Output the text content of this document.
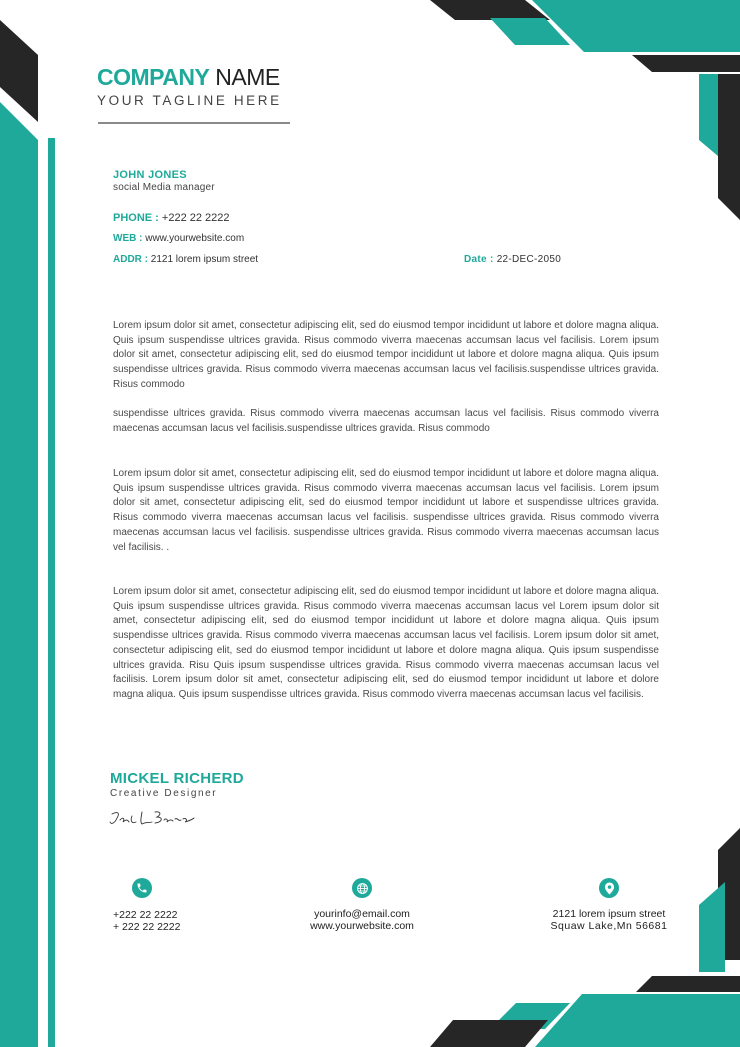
COMPANY NAME
YOUR TAGLINE HERE
JOHN JONES
social Media manager
PHONE : +222 22 2222
WEB : www.yourwebsite.com
ADDR : 2121 lorem ipsum street	Date : 22-DEC-2050

Lorem ipsum dolor sit amet, consectetur adipiscing elit, sed do eiusmod tempor incididunt ut labore et dolore magna aliqua. Quis ipsum suspendisse ultrices gravida. Risus commodo viverra maecenas accumsan lacus vel facilisis. Lorem ipsum dolor sit amet, consectetur adipiscing elit, sed do eiusmod tempor incididunt ut labore et dolore magna aliqua. Quis ipsum suspendisse ultrices gravida. Risus commodo viverra maecenas accumsan lacus vel facilisis.suspendisse ultrices gravida. Risus commodo

suspendisse ultrices gravida. Risus commodo viverra maecenas accumsan lacus vel facilisis. Risus commodo viverra maecenas accumsan lacus vel facilisis.suspendisse ultrices gravida. Risus commodo

Lorem ipsum dolor sit amet, consectetur adipiscing elit, sed do eiusmod tempor incididunt ut labore et dolore magna aliqua. Quis ipsum suspendisse ultrices gravida. Risus commodo viverra maecenas accumsan lacus vel facilisis. Lorem ipsum dolor sit amet, consectetur adipiscing elit, sed do eiusmod tempor incididunt ut labore et suspendisse ultrices gravida. Risus commodo viverra maecenas accumsan lacus vel facilisis. suspendisse ultrices gravida. Risus commodo viverra maecenas accumsan lacus vel facilisis. suspendisse ultrices gravida. Risus commodo viverra maecenas accumsan lacus vel facilisis. .

Lorem ipsum dolor sit amet, consectetur adipiscing elit, sed do eiusmod tempor incididunt ut labore et dolore magna aliqua. Quis ipsum suspendisse ultrices gravida. Risus commodo viverra maecenas accumsan lacus vel Lorem ipsum dolor sit amet, consectetur adipiscing elit, sed do eiusmod tempor incididunt ut labore et dolore magna aliqua. Quis ipsum suspendisse ultrices gravida. Risus commodo viverra maecenas accumsan lacus vel facilisis. Lorem ipsum dolor sit amet, consectetur adipiscing elit, sed do eiusmod tempor incididunt ut labore et dolore magna aliqua. Quis ipsum suspendisse ultrices gravida. Risu Quis ipsum suspendisse ultrices gravida. Risus commodo viverra maecenas accumsan lacus vel facilisis. Lorem ipsum dolor sit amet, consectetur adipiscing elit, sed do eiusmod tempor incididunt ut labore et dolore magna aliqua. Quis ipsum suspendisse ultrices gravida. Risus commodo viverra maecenas accumsan lacus vel facilisis.

MICKEL RICHERD
Creative Designer
+222 22 2222
+ 222 22 2222
yourinfo@email.com
www.yourwebsite.com
2121 lorem ipsum street
Squaw Lake,Mn 56681
